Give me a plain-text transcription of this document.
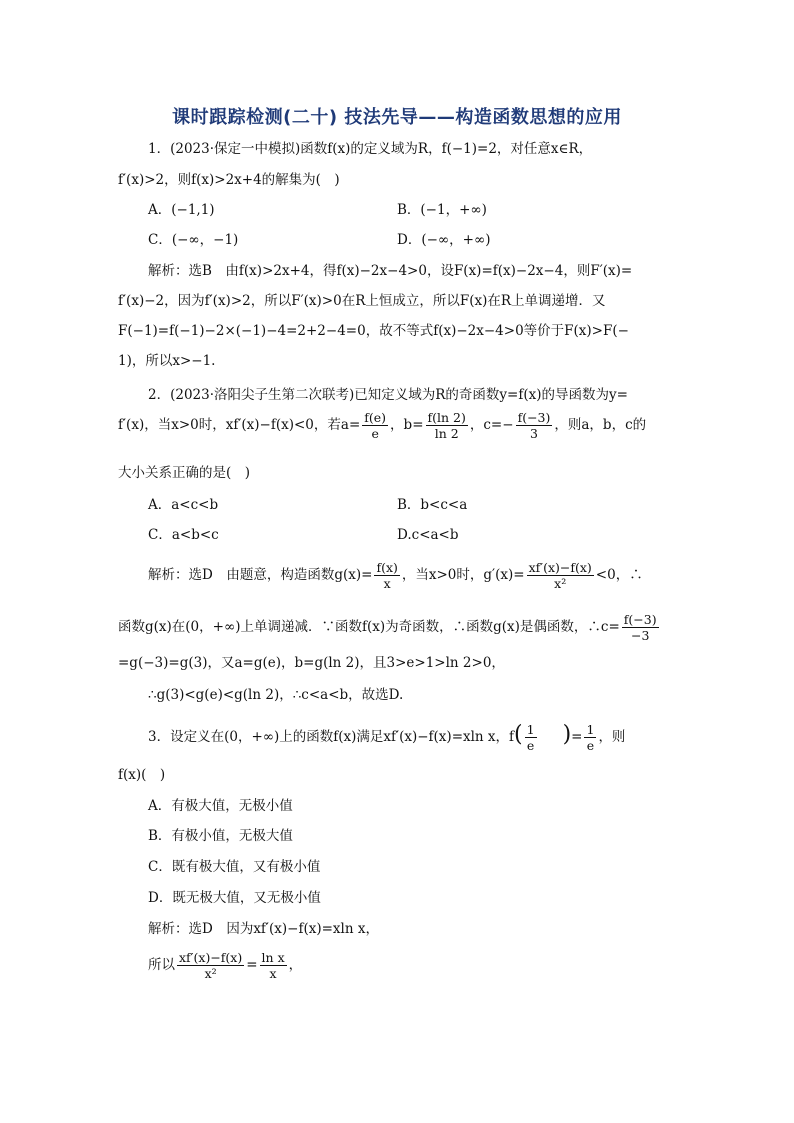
课时跟踪检测(二十) 技法先导——构造函数思想的应用
1．(2023·保定一中模拟)函数f(x)的定义域为R，f(−1)=2，对任意x∈R，
f′(x)>2，则f(x)>2x+4的解集为(　)
A．(−1,1)	B．(−1，+∞)
C．(−∞，−1)	D．(−∞，+∞)
解析：选B　由f(x)>2x+4，得f(x)−2x−4>0，设F(x)=f(x)−2x−4，则F′(x)=
f′(x)−2，因为f′(x)>2，所以F′(x)>0在R上恒成立，所以F(x)在R上单调递增．又
F(−1)=f(−1)−2×(−1)−4=2+2−4=0，故不等式f(x)−2x−4>0等价于F(x)>F(−
1)，所以x>−1.
2．(2023·洛阳尖子生第二次联考)已知定义域为R的奇函数y=f(x)的导函数为y=
f′(x)，当x>0时，xf′(x)−f(x)<0，若$a= \frac{f(e)}{e}$ ，$b= \frac{f(\ln 2)}{\ln 2}$ ，$c=- \frac{f(-3)}{3}$ ，则a，b，c的
大小关系正确的是(　)
A．a<c<b	B．b<c<a
C．a<b<c	D.c<a<b
解析：选D　由题意，构造函数$g(x)= \frac{f(x)}{x}$ ，当x>0时，$g'(x)= \frac{xf'(x)-f(x)}{\text{x²}} <0$，∴
函数g(x)在(0，+∞)上单调递减．∵函数f(x)为奇函数，∴函数g(x)是偶函数，∴c= $\frac{f(-3)}{-3}$
=g(−3)=g(3)，又a=g(e)，b=g(ln 2)，且3>e>1>ln 2>0，
∴g(3)<g(e)<g(ln 2)，∴c<a<b，故选D.
3．设定义在(0，+∞)上的函数f(x)满足xf′(x)−f(x)=xln x，$f( \frac{1}{e}$ )= $\frac{1}{e}$ ，则
f(x)(　)
A．有极大值，无极小值
B．有极小值，无极大值
C．既有极大值，又有极小值
D．既无极大值，又无极小值
解析：选D　因为xf′(x)−f(x)=xln x，
所以 $\frac{xf'(x)-f(x)}{\text{x²}} = \frac{\text{ln x}}{x}$ ，
